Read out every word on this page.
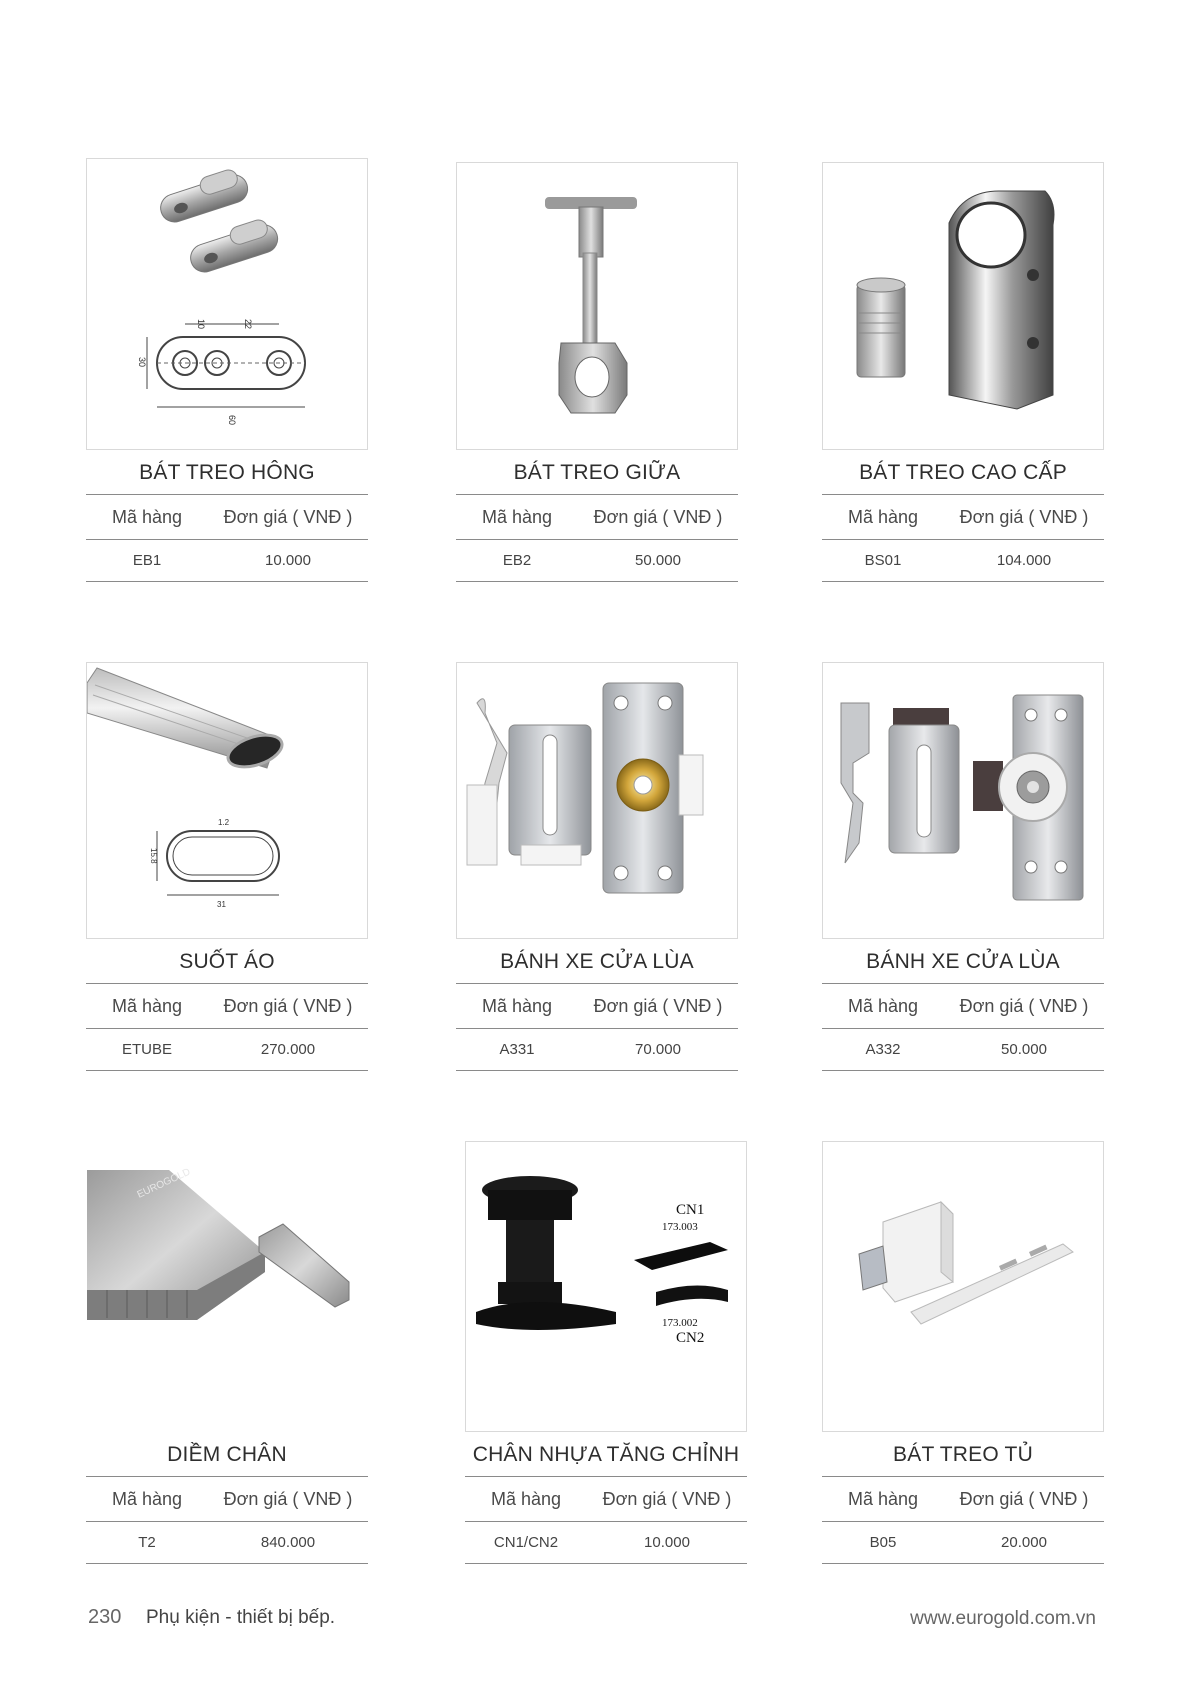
10	22
30
60
BÁT TREO HÔNG
Mã hàng	Đơn giá ( VNĐ )
EB1	10.000
BÁT TREO GIỮA
Mã hàng	Đơn giá ( VNĐ )
EB2	50.000
BÁT TREO CAO CẤP
Mã hàng	Đơn giá ( VNĐ )
BS01	104.000
1.2
15.8
31
SUỐT ÁO
Mã hàng	Đơn giá ( VNĐ )
ETUBE	270.000
BÁNH XE CỬA LÙA
Mã hàng	Đơn giá ( VNĐ )
A331	70.000
BÁNH XE CỬA LÙA
Mã hàng	Đơn giá ( VNĐ )
A332	50.000
EUROGOLD
DIỀM CHÂN
Mã hàng	Đơn giá ( VNĐ )
T2	840.000
CN1
173.003
173.002
CN2
CHÂN NHỰA TĂNG CHỈNH
Mã hàng	Đơn giá ( VNĐ )
CN1/CN2	10.000
BÁT TREO TỦ
Mã hàng	Đơn giá ( VNĐ )
B05	20.000
230 Phụ kiện - thiết bị bếp.	www.eurogold.com.vn
